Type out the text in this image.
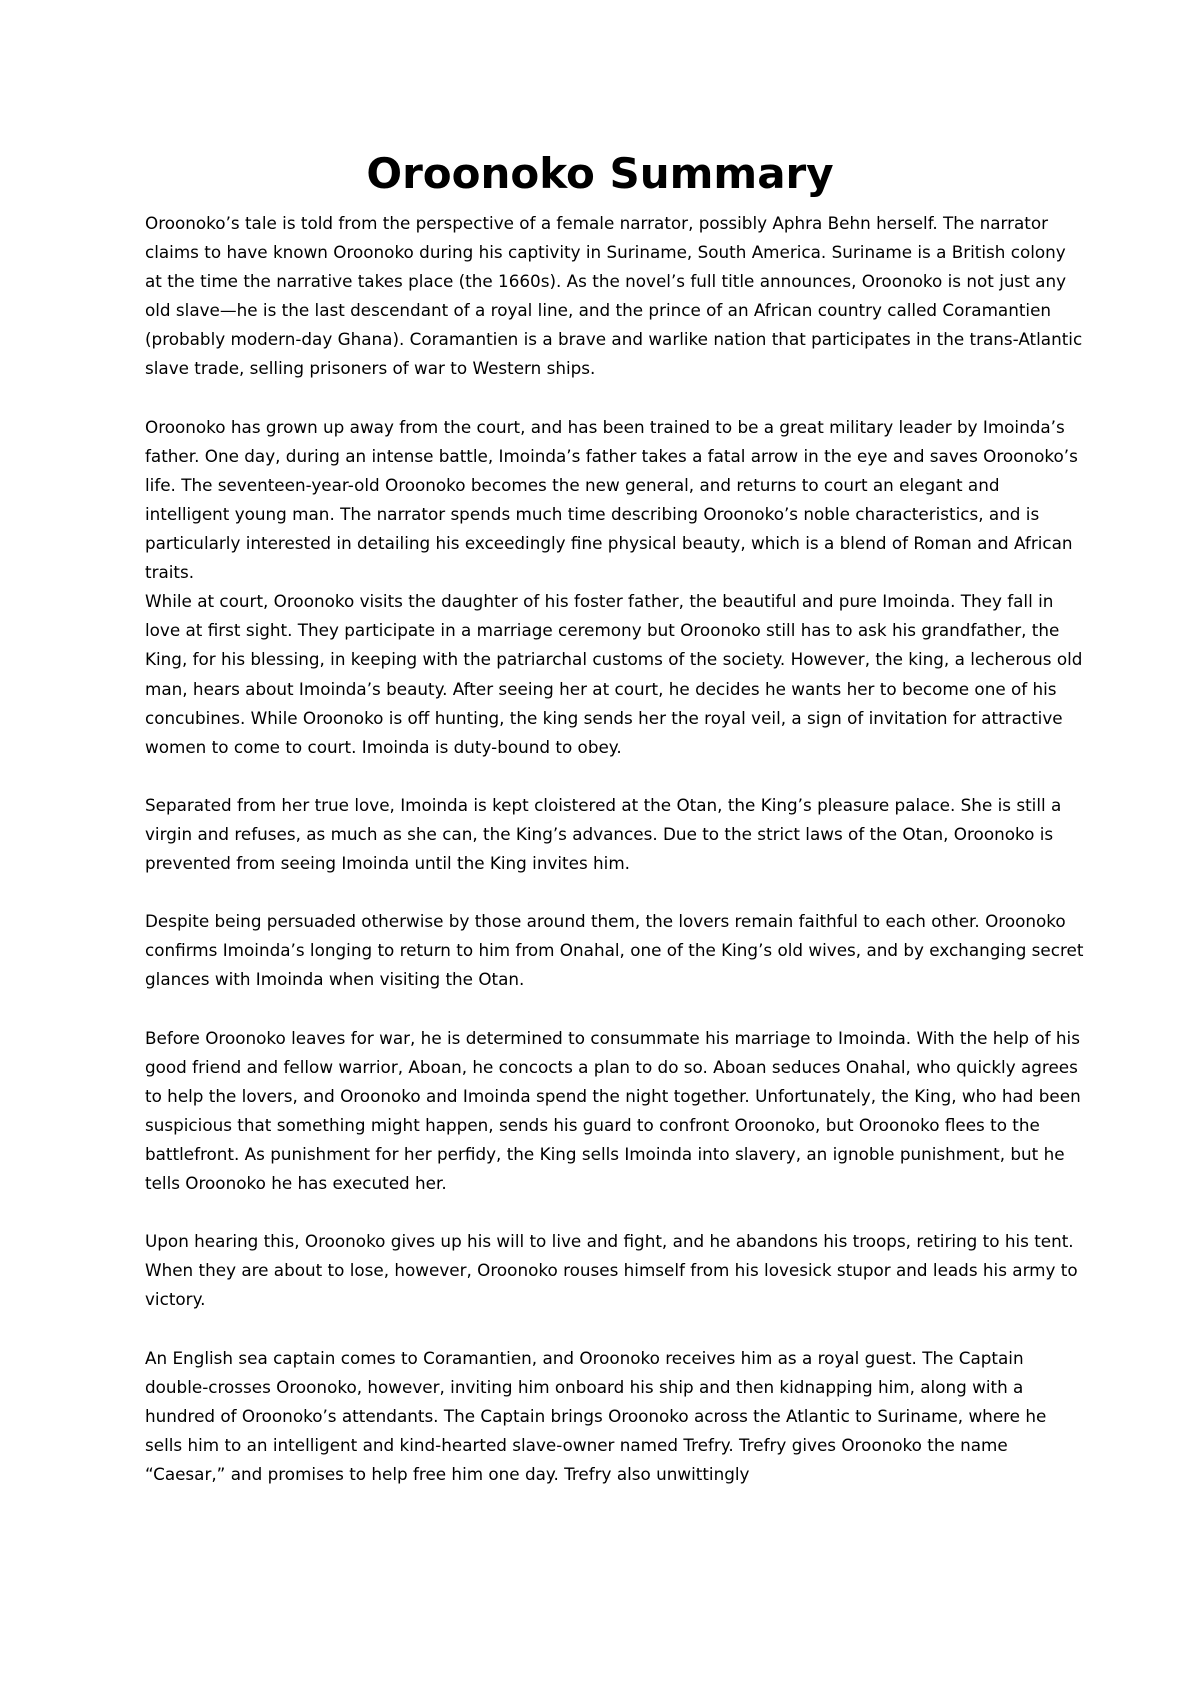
Oroonoko Summary

Oroonoko’s tale is told from the perspective of a female narrator, possibly Aphra Behn herself. The narrator claims to have known Oroonoko during his captivity in Suriname, South America. Suriname is a British colony at the time the narrative takes place (the 1660s). As the novel’s full title announces, Oroonoko is not just any old slave—he is the last descendant of a royal line, and the prince of an African country called Coramantien (probably modern-day Ghana). Coramantien is a brave and warlike nation that participates in the trans-Atlantic slave trade, selling prisoners of war to Western ships.

Oroonoko has grown up away from the court, and has been trained to be a great military leader by Imoinda’s father. One day, during an intense battle, Imoinda’s father takes a fatal arrow in the eye and saves Oroonoko’s life. The seventeen-year-old Oroonoko becomes the new general, and returns to court an elegant and intelligent young man. The narrator spends much time describing Oroonoko’s noble characteristics, and is particularly interested in detailing his exceedingly fine physical beauty, which is a blend of Roman and African traits.

While at court, Oroonoko visits the daughter of his foster father, the beautiful and pure Imoinda. They fall in love at first sight. They participate in a marriage ceremony but Oroonoko still has to ask his grandfather, the King, for his blessing, in keeping with the patriarchal customs of the society. However, the king, a lecherous old man, hears about Imoinda’s beauty. After seeing her at court, he decides he wants her to become one of his concubines. While Oroonoko is off hunting, the king sends her the royal veil, a sign of invitation for attractive women to come to court. Imoinda is duty-bound to obey.

Separated from her true love, Imoinda is kept cloistered at the Otan, the King’s pleasure palace. She is still a virgin and refuses, as much as she can, the King’s advances. Due to the strict laws of the Otan, Oroonoko is prevented from seeing Imoinda until the King invites him.

Despite being persuaded otherwise by those around them, the lovers remain faithful to each other. Oroonoko confirms Imoinda’s longing to return to him from Onahal, one of the King’s old wives, and by exchanging secret glances with Imoinda when visiting the Otan.

Before Oroonoko leaves for war, he is determined to consummate his marriage to Imoinda. With the help of his good friend and fellow warrior, Aboan, he concocts a plan to do so. Aboan seduces Onahal, who quickly agrees to help the lovers, and Oroonoko and Imoinda spend the night together. Unfortunately, the King, who had been suspicious that something might happen, sends his guard to confront Oroonoko, but Oroonoko flees to the battlefront. As punishment for her perfidy, the King sells Imoinda into slavery, an ignoble punishment, but he tells Oroonoko he has executed her.

Upon hearing this, Oroonoko gives up his will to live and fight, and he abandons his troops, retiring to his tent. When they are about to lose, however, Oroonoko rouses himself from his lovesick stupor and leads his army to victory.

An English sea captain comes to Coramantien, and Oroonoko receives him as a royal guest. The Captain double-crosses Oroonoko, however, inviting him onboard his ship and then kidnapping him, along with a hundred of Oroonoko’s attendants. The Captain brings Oroonoko across the Atlantic to Suriname, where he sells him to an intelligent and kind-hearted slave-owner named Trefry. Trefry gives Oroonoko the name “Caesar,” and promises to help free him one day. Trefry also unwittingly
